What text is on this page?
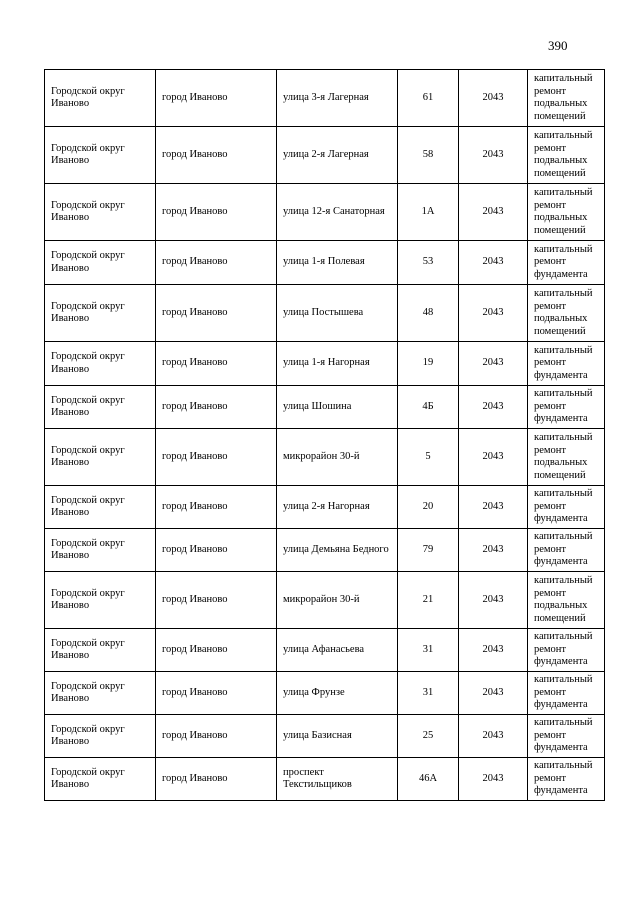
390
Городской округ Иваново	город Иваново	улица 3-я Лагерная	61	2043	капитальный ремонт подвальных помещений

Городской округ Иваново	город Иваново	улица 2-я Лагерная	58	2043	капитальный ремонт подвальных помещений

Городской округ Иваново	город Иваново	улица 12-я Санаторная	1А	2043	капитальный ремонт подвальных помещений

Городской округ Иваново	город Иваново	улица 1-я Полевая	53	2043	капитальный ремонт фундамента

Городской округ Иваново	город Иваново	улица Постышева	48	2043	капитальный ремонт подвальных помещений

Городской округ Иваново	город Иваново	улица 1-я Нагорная	19	2043	капитальный ремонт фундамента

Городской округ Иваново	город Иваново	улица Шошина	4Б	2043	капитальный ремонт фундамента

Городской округ Иваново	город Иваново	микрорайон 30-й	5	2043	капитальный ремонт подвальных помещений

Городской округ Иваново	город Иваново	улица 2-я Нагорная	20	2043	капитальный ремонт фундамента

Городской округ Иваново	город Иваново	улица Демьяна Бедного	79	2043	капитальный ремонт фундамента

Городской округ Иваново	город Иваново	микрорайон 30-й	21	2043	капитальный ремонт подвальных помещений

Городской округ Иваново	город Иваново	улица Афанасьева	31	2043	капитальный ремонт фундамента

Городской округ Иваново	город Иваново	улица Фрунзе	31	2043	капитальный ремонт фундамента

Городской округ Иваново	город Иваново	улица Базисная	25	2043	капитальный ремонт фундамента

Городской округ Иваново	город Иваново	проспект Текстильщиков	46А	2043	капитальный ремонт фундамента
